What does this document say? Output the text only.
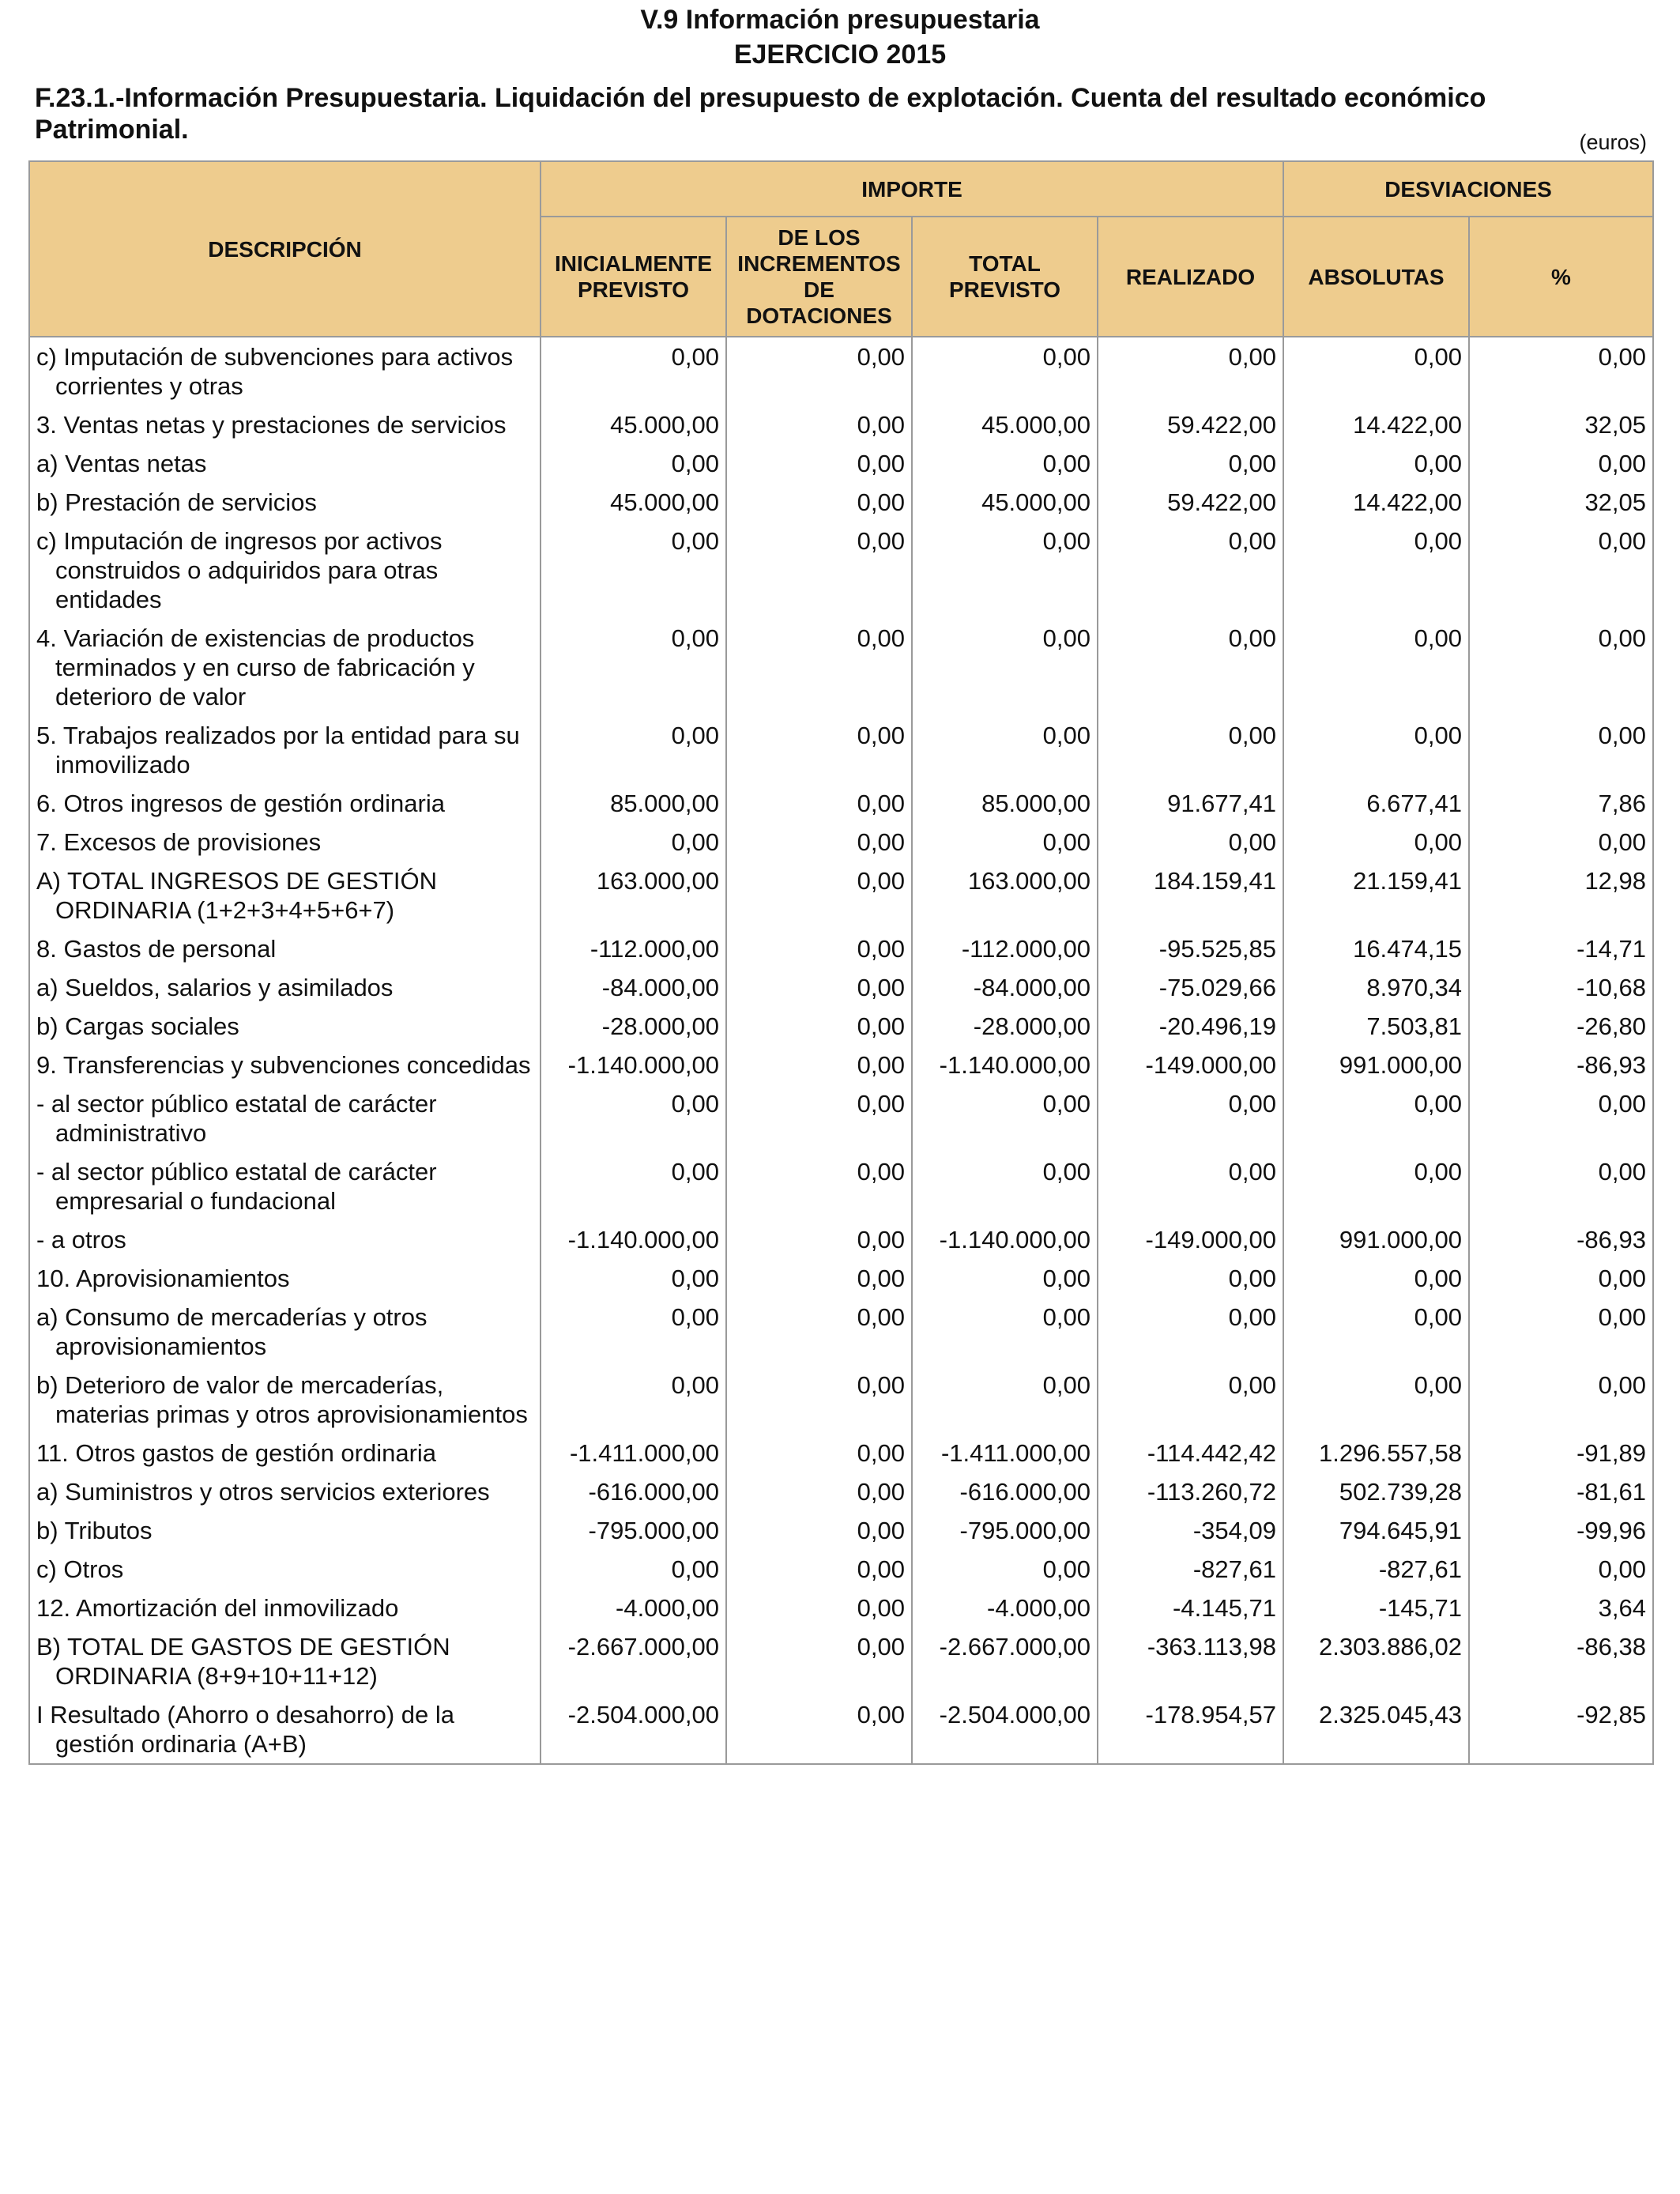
V.9 Información presupuestaria
EJERCICIO 2015
F.23.1.-Información Presupuestaria. Liquidación del presupuesto de explotación. Cuenta del resultado económico Patrimonial.	(euros)
DESCRIPCIÓN	IMPORTE				DESVIACIONES	
	INICIALMENTE PREVISTO	DE LOS INCREMENTOS DE DOTACIONES	TOTAL PREVISTO	REALIZADO	ABSOLUTAS	%
c) Imputación de subvenciones para activos corrientes y otras	0,00	0,00	0,00	0,00	0,00	0,00
3. Ventas netas y prestaciones de servicios	45.000,00	0,00	45.000,00	59.422,00	14.422,00	32,05
a) Ventas netas	0,00	0,00	0,00	0,00	0,00	0,00
b) Prestación de servicios	45.000,00	0,00	45.000,00	59.422,00	14.422,00	32,05
c) Imputación de ingresos por activos construidos o adquiridos para otras entidades	0,00	0,00	0,00	0,00	0,00	0,00
4. Variación de existencias de productos terminados y en curso de fabricación y deterioro de valor	0,00	0,00	0,00	0,00	0,00	0,00
5. Trabajos realizados por la entidad para su inmovilizado	0,00	0,00	0,00	0,00	0,00	0,00
6. Otros ingresos de gestión ordinaria	85.000,00	0,00	85.000,00	91.677,41	6.677,41	7,86
7. Excesos de provisiones	0,00	0,00	0,00	0,00	0,00	0,00
A) TOTAL INGRESOS DE GESTIÓN ORDINARIA (1+2+3+4+5+6+7)	163.000,00	0,00	163.000,00	184.159,41	21.159,41	12,98
8. Gastos de personal	-112.000,00	0,00	-112.000,00	-95.525,85	16.474,15	-14,71
a) Sueldos, salarios y asimilados	-84.000,00	0,00	-84.000,00	-75.029,66	8.970,34	-10,68
b) Cargas sociales	-28.000,00	0,00	-28.000,00	-20.496,19	7.503,81	-26,80
9. Transferencias y subvenciones concedidas	-1.140.000,00	0,00	-1.140.000,00	-149.000,00	991.000,00	-86,93
- al sector público estatal de carácter administrativo	0,00	0,00	0,00	0,00	0,00	0,00
- al sector público estatal de carácter empresarial o fundacional	0,00	0,00	0,00	0,00	0,00	0,00
- a otros	-1.140.000,00	0,00	-1.140.000,00	-149.000,00	991.000,00	-86,93
10. Aprovisionamientos	0,00	0,00	0,00	0,00	0,00	0,00
a) Consumo de mercaderías y otros aprovisionamientos	0,00	0,00	0,00	0,00	0,00	0,00
b) Deterioro de valor de mercaderías, materias primas y otros aprovisionamientos	0,00	0,00	0,00	0,00	0,00	0,00
11. Otros gastos de gestión ordinaria	-1.411.000,00	0,00	-1.411.000,00	-114.442,42	1.296.557,58	-91,89
a) Suministros y otros servicios exteriores	-616.000,00	0,00	-616.000,00	-113.260,72	502.739,28	-81,61
b) Tributos	-795.000,00	0,00	-795.000,00	-354,09	794.645,91	-99,96
c) Otros	0,00	0,00	0,00	-827,61	-827,61	0,00
12. Amortización del inmovilizado	-4.000,00	0,00	-4.000,00	-4.145,71	-145,71	3,64
B) TOTAL DE GASTOS DE GESTIÓN ORDINARIA (8+9+10+11+12)	-2.667.000,00	0,00	-2.667.000,00	-363.113,98	2.303.886,02	-86,38
I Resultado (Ahorro o desahorro) de la gestión ordinaria (A+B)	-2.504.000,00	0,00	-2.504.000,00	-178.954,57	2.325.045,43	-92,85
